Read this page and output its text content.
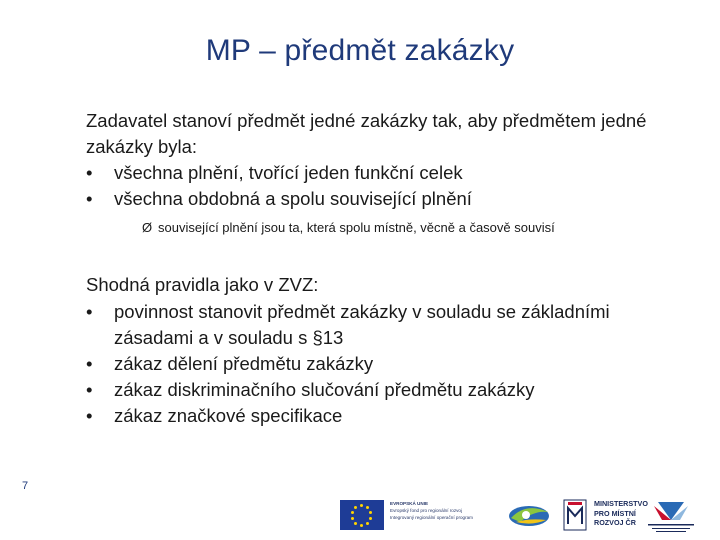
MP – předmět zakázky

Zadavatel stanoví předmět jedné zakázky tak, aby předmětem jedné zakázky byla:

•	všechna plnění, tvořící jeden funkční celek
•	všechna obdobná a spolu související plnění
Ø související plnění jsou ta, která spolu místně, věcně a časově souvisí

Shodná pravidla jako v ZVZ:

•	povinnost stanovit předmět zakázky v souladu se základními zásadami a v souladu s §13
•	zákaz dělení předmětu zakázky
•	zákaz diskriminačního slučování předmětu zakázky
•	zákaz značkové specifikace
7
EVROPSKÁ UNIE
Evropský fond pro regionální rozvoj
Integrovaný regionální operační program
MINISTERSTVO
PRO MÍSTNÍ
ROZVOJ ČR
